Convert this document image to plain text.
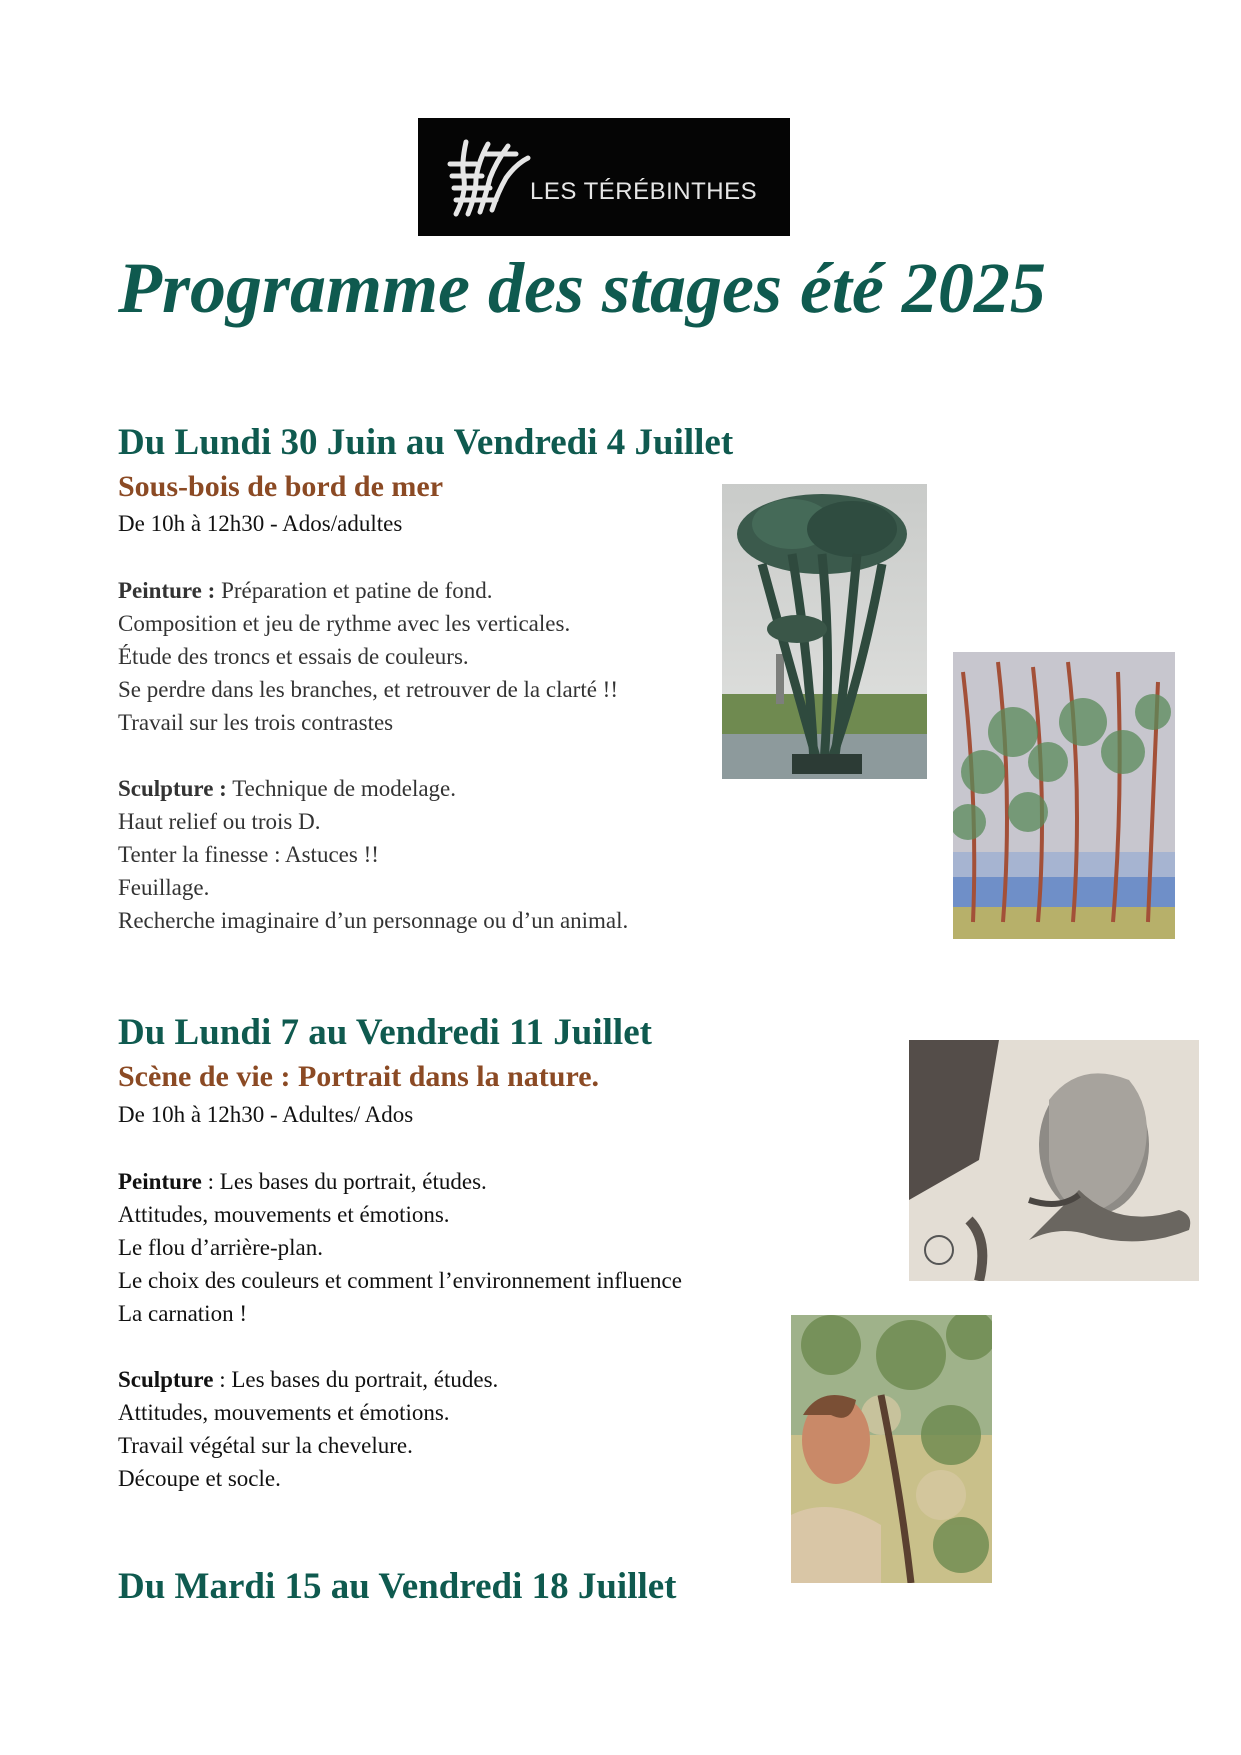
LES TÉRÉBINTHES
Programme des stages été 2025
Du Lundi 30 Juin au Vendredi 4 Juillet
Sous-bois de bord de mer

De 10h à 12h30 - Ados/adultes

Peinture : Préparation et patine de fond.

Composition et jeu de rythme avec les verticales.

Étude des troncs et essais de couleurs.

Se perdre dans les branches, et retrouver de la clarté !!

Travail sur les trois contrastes

Sculpture : Technique de modelage.

Haut relief ou trois D.

Tenter la finesse : Astuces !!

Feuillage.

Recherche imaginaire d’un personnage ou d’un animal.

Du Lundi 7 au Vendredi 11 Juillet
Scène de vie : Portrait dans la nature.

De 10h à 12h30 - Adultes/ Ados

Peinture : Les bases du portrait, études.

Attitudes, mouvements et émotions.

Le flou d’arrière-plan.

Le choix des couleurs et comment l’environnement influence

La carnation !

Sculpture : Les bases du portrait, études.

Attitudes, mouvements et émotions.

Travail végétal sur la chevelure.

Découpe et socle.

Du Mardi 15 au Vendredi 18 Juillet
